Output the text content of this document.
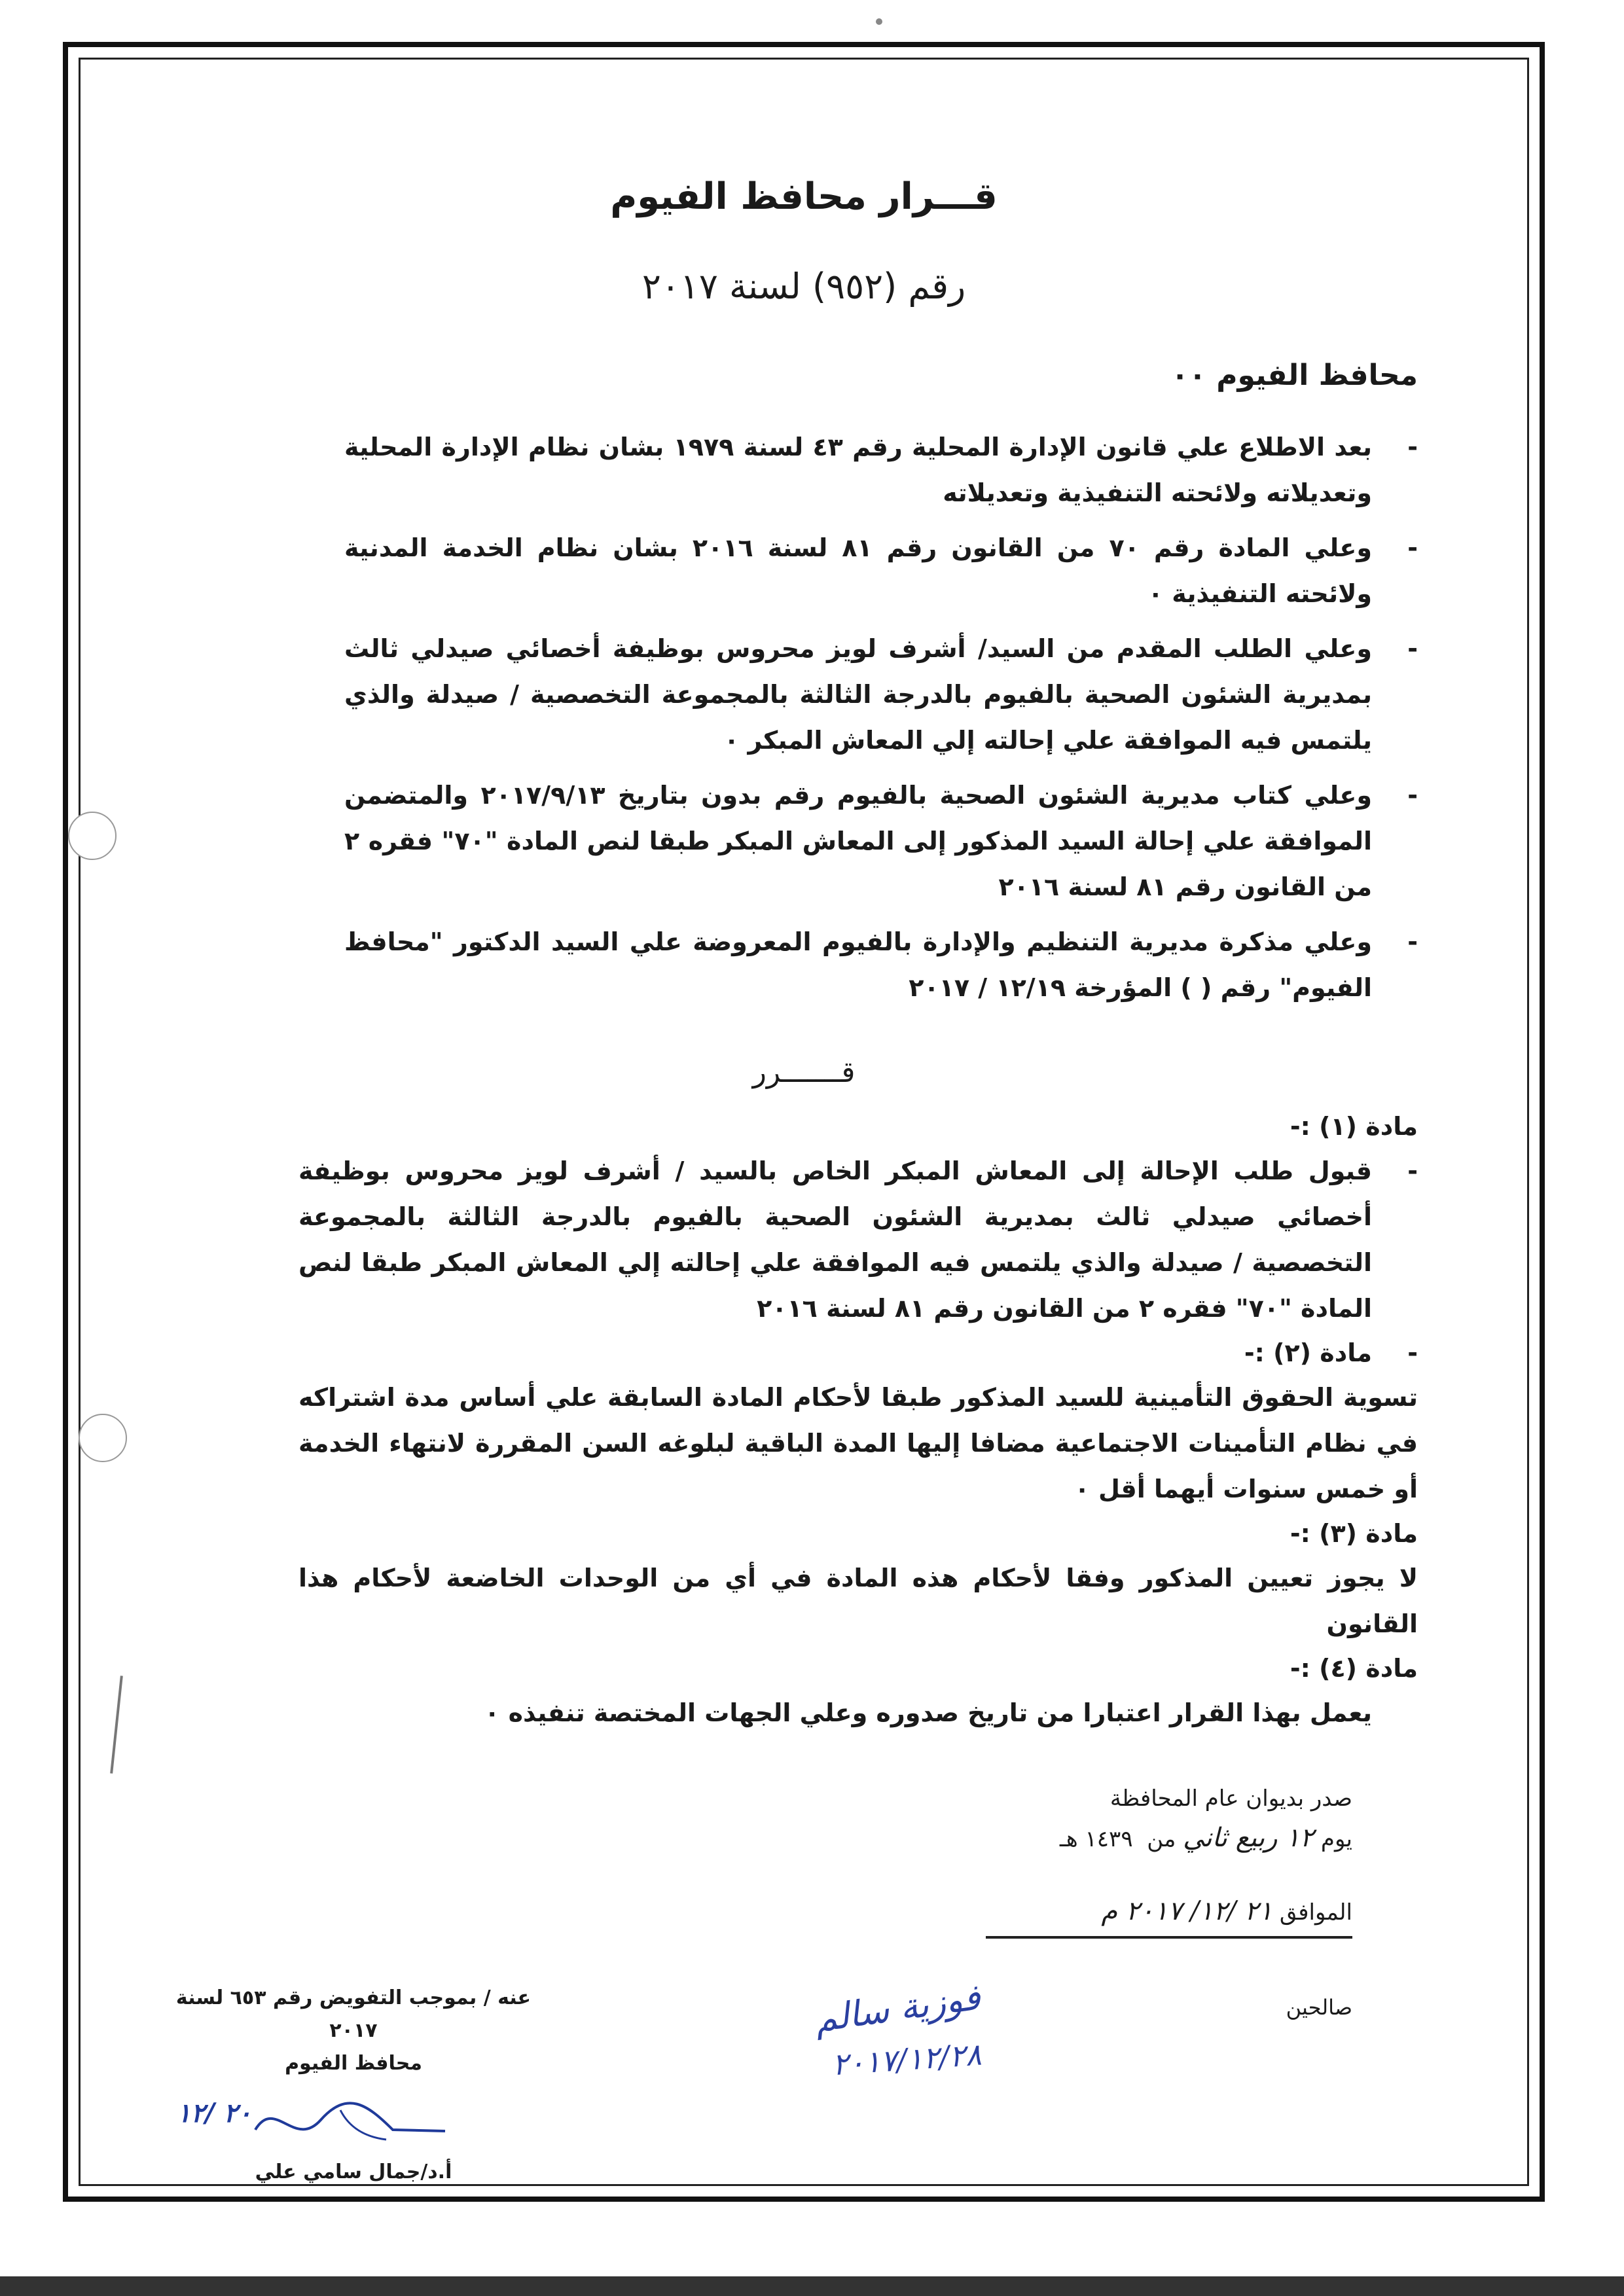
قـــرار محافظ الفيوم
رقم (٩٥٢) لسنة ٢٠١٧
محافظ الفيوم ٠٠
- بعد الاطلاع علي قانون الإدارة المحلية رقم ٤٣ لسنة ١٩٧٩ بشان نظام الإدارة المحلية وتعديلاته ولائحته التنفيذية وتعديلاته
- وعلي المادة رقم ٧٠ من القانون رقم ٨١ لسنة ٢٠١٦ بشان نظام الخدمة المدنية ولائحته التنفيذية ٠
- وعلي الطلب المقدم من السيد/ أشرف لويز محروس بوظيفة أخصائي صيدلي ثالث بمديرية الشئون الصحية بالفيوم بالدرجة الثالثة بالمجموعة التخصصية / صيدلة والذي يلتمس فيه الموافقة علي إحالته إلي المعاش المبكر ٠
- وعلي كتاب مديرية الشئون الصحية بالفيوم رقم بدون بتاريخ ٢٠١٧/٩/١٣ والمتضمن الموافقة علي إحالة السيد المذكور إلى المعاش المبكر طبقا لنص المادة "٧٠" فقره ٢ من القانون رقم ٨١ لسنة ٢٠١٦
- وعلي مذكرة مديرية التنظيم والإدارة بالفيوم المعروضة علي السيد الدكتور "محافظ الفيوم" رقم ( ) المؤرخة ١٢/١٩ / ٢٠١٧
قـــــــرر
مادة (١) :-
- قبول طلب الإحالة إلى المعاش المبكر الخاص بالسيد / أشرف لويز محروس بوظيفة أخصائي صيدلي ثالث بمديرية الشئون الصحية بالفيوم بالدرجة الثالثة بالمجموعة التخصصية / صيدلة والذي يلتمس فيه الموافقة علي إحالته إلي المعاش المبكر طبقا لنص المادة "٧٠" فقره ٢ من القانون رقم ٨١ لسنة ٢٠١٦
- مادة (٢) :-
تسوية الحقوق التأمينية للسيد المذكور طبقا لأحكام المادة السابقة علي أساس مدة اشتراكه في نظام التأمينات الاجتماعية مضافا إليها المدة الباقية لبلوغه السن المقررة لانتهاء الخدمة أو خمس سنوات أيهما أقل ٠
مادة (٣) :-
لا يجوز تعيين المذكور وفقا لأحكام هذه المادة في أي من الوحدات الخاضعة لأحكام هذا القانون
مادة (٤) :-
يعمل بهذا القرار اعتبارا من تاريخ صدوره وعلي الجهات المختصة تنفيذه ٠
صدر بديوان عام المحافظة
يوم ١٢ ربيع ثاني من  ١٤٣٩ هـ
الموافق ٢١ /١٢/ ٢٠١٧ م
صالحين
عنه / بموجب التفويض رقم ٦٥٣ لسنة ٢٠١٧
محافظ الفيوم
٢٠ /١٢
أ.د/جمال سامي علي
فوزية سالم
٢٠١٧/١٢/٢٨
